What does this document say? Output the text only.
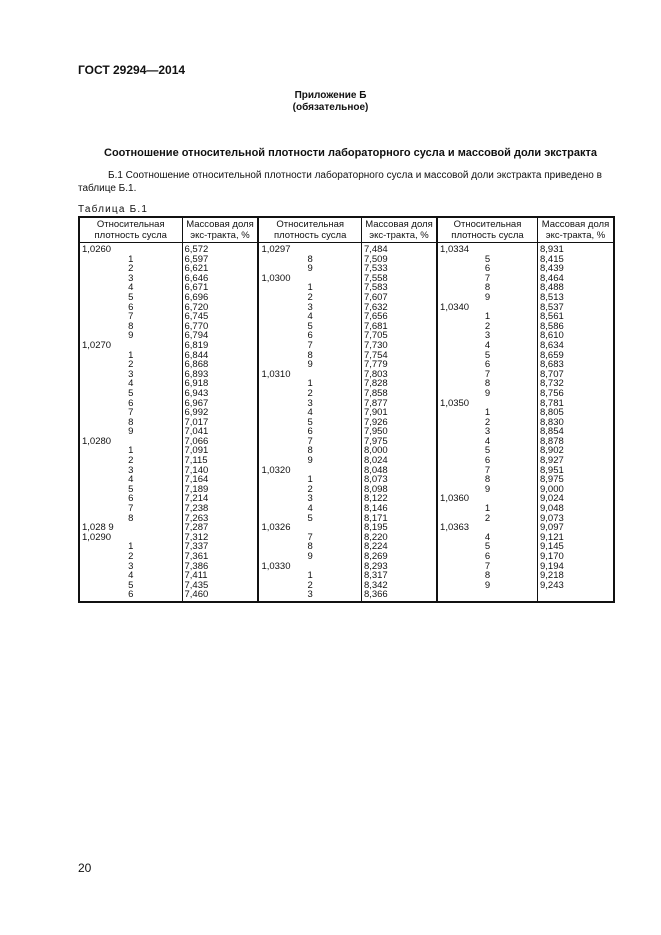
ГОСТ 29294—2014
Приложение Б
(обязательное)
Соотношение относительной плотности лабораторного сусла и массовой доли экстракта
Б.1 Соотношение относительной плотности лабораторного сусла и массовой доли экстракта приведено в таблице Б.1.
Таблица Б.1
Относительная плотность сусла	Массовая доля экс-тракта, %	Относительная плотность сусла	Массовая доля экс-тракта, %	Относительная плотность сусла	Массовая доля экс-тракта, %
1,0260	6,572	1,0297	7,484	1,0334	8,931
1	6,597	8	7,509	5	8,415
2	6,621	9	7,533	6	8,439
3	6,646	1,0300	7,558	7	8,464
4	6,671	1	7,583	8	8,488
5	6,696	2	7,607	9	8,513
6	6,720	3	7,632	1,0340	8,537
7	6,745	4	7,656	1	8,561
8	6,770	5	7,681	2	8,586
9	6,794	6	7,705	3	8,610
1,0270	6,819	7	7,730	4	8,634
1	6,844	8	7,754	5	8,659
2	6,868	9	7,779	6	8,683
3	6,893	1,0310	7,803	7	8,707
4	6,918	1	7,828	8	8,732
5	6,943	2	7,858	9	8,756
6	6,967	3	7,877	1,0350	8,781
7	6,992	4	7,901	1	8,805
8	7,017	5	7,926	2	8,830
9	7,041	6	7,950	3	8,854
1,0280	7,066	7	7,975	4	8,878
1	7,091	8	8,000	5	8,902
2	7,115	9	8,024	6	8,927
3	7,140	1,0320	8,048	7	8,951
4	7,164	1	8,073	8	8,975
5	7,189	2	8,098	9	9,000
6	7,214	3	8,122	1,0360	9,024
7	7,238	4	8,146	1	9,048
8	7,263	5	8,171	2	9,073
1,028 9	7,287	1,0326	8,195	1,0363	9,097
1,0290	7,312	7	8,220	4	9,121
1	7,337	8	8,224	5	9,145
2	7,361	9	8,269	6	9,170
3	7,386	1,0330	8,293	7	9,194
4	7,411	1	8,317	8	9,218
5	7,435	2	8,342	9	9,243
6	7,460	3	8,366		
20
